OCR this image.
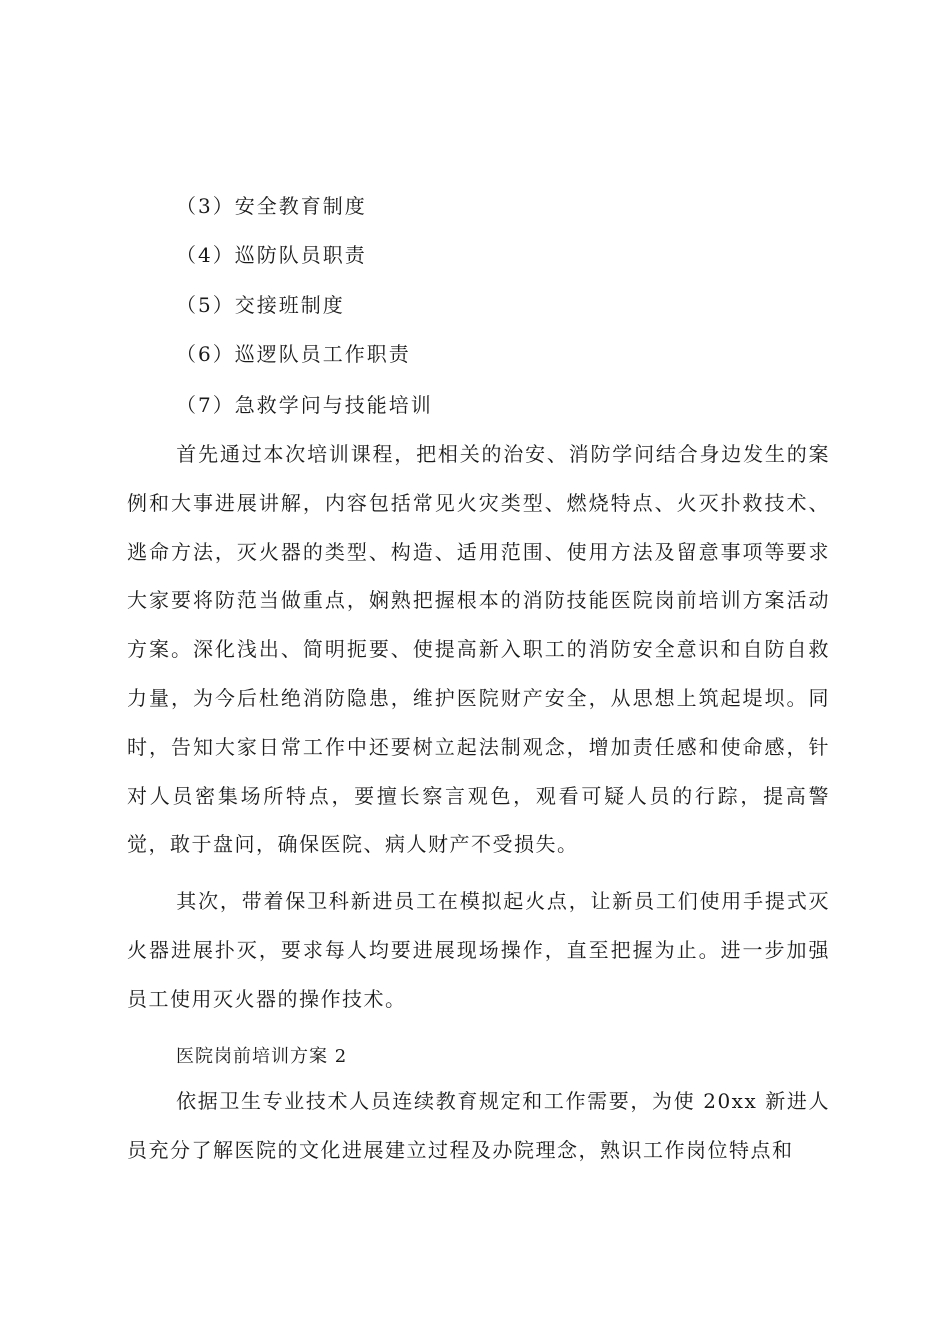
（3）安全教育制度
（4）巡防队员职责
（5）交接班制度
（6）巡逻队员工作职责
（7）急救学问与技能培训
首先通过本次培训课程，把相关的治安、消防学问结合身边发生的案例和大事进展讲解，内容包括常见火灾类型、燃烧特点、火灭扑救技术、逃命方法，灭火器的类型、构造、适用范围、使用方法及留意事项等要求大家要将防范当做重点，娴熟把握根本的消防技能医院岗前培训方案活动方案。深化浅出、简明扼要、使提高新入职工的消防安全意识和自防自救力量，为今后杜绝消防隐患，维护医院财产安全，从思想上筑起堤坝。同时，告知大家日常工作中还要树立起法制观念，增加责任感和使命感，针对人员密集场所特点，要擅长察言观色，观看可疑人员的行踪，提高警觉，敢于盘问，确保医院、病人财产不受损失。
其次，带着保卫科新进员工在模拟起火点，让新员工们使用手提式灭火器进展扑灭，要求每人均要进展现场操作，直至把握为止。进一步加强员工使用灭火器的操作技术。
医院岗前培训方案 2
依据卫生专业技术人员连续教育规定和工作需要，为使 20xx 新进人员充分了解医院的文化进展建立过程及办院理念，熟识工作岗位特点和
